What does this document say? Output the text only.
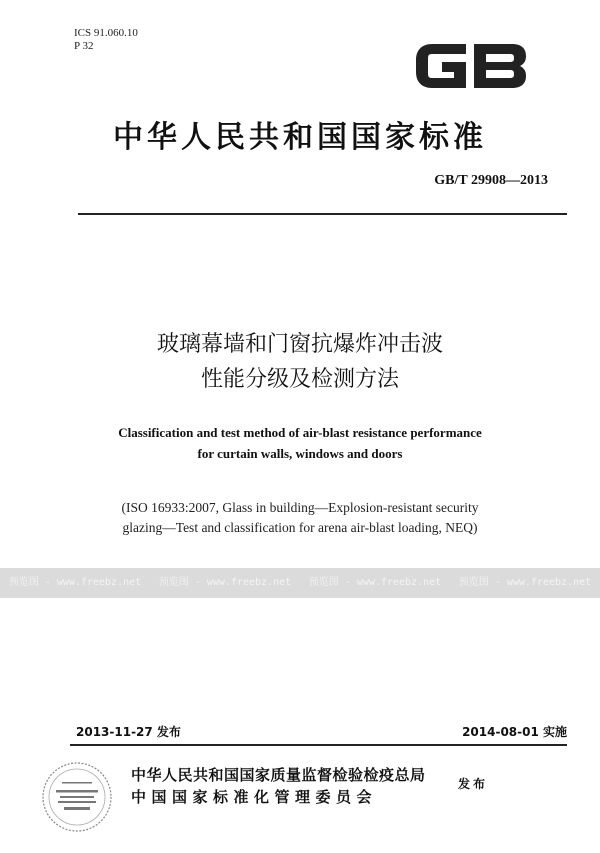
ICS 91.060.10
P 32
中华人民共和国国家标准
GB/T 29908—2013
玻璃幕墙和门窗抗爆炸冲击波
性能分级及检测方法
Classification and test method of air-blast resistance performance
for curtain walls, windows and doors
(ISO 16933:2007, Glass in building—Explosion-resistant security
glazing—Test and classification for arena air-blast loading, NEQ)
预览图 - www.freebz.net 预览图 - www.freebz.net 预览图 - www.freebz.net 预览图 - www.freebz.net
2013-11-27 发布	2014-08-01 实施
中华人民共和国国家质量监督检验检疫总局
中国国家标准化管理委员会
发布
